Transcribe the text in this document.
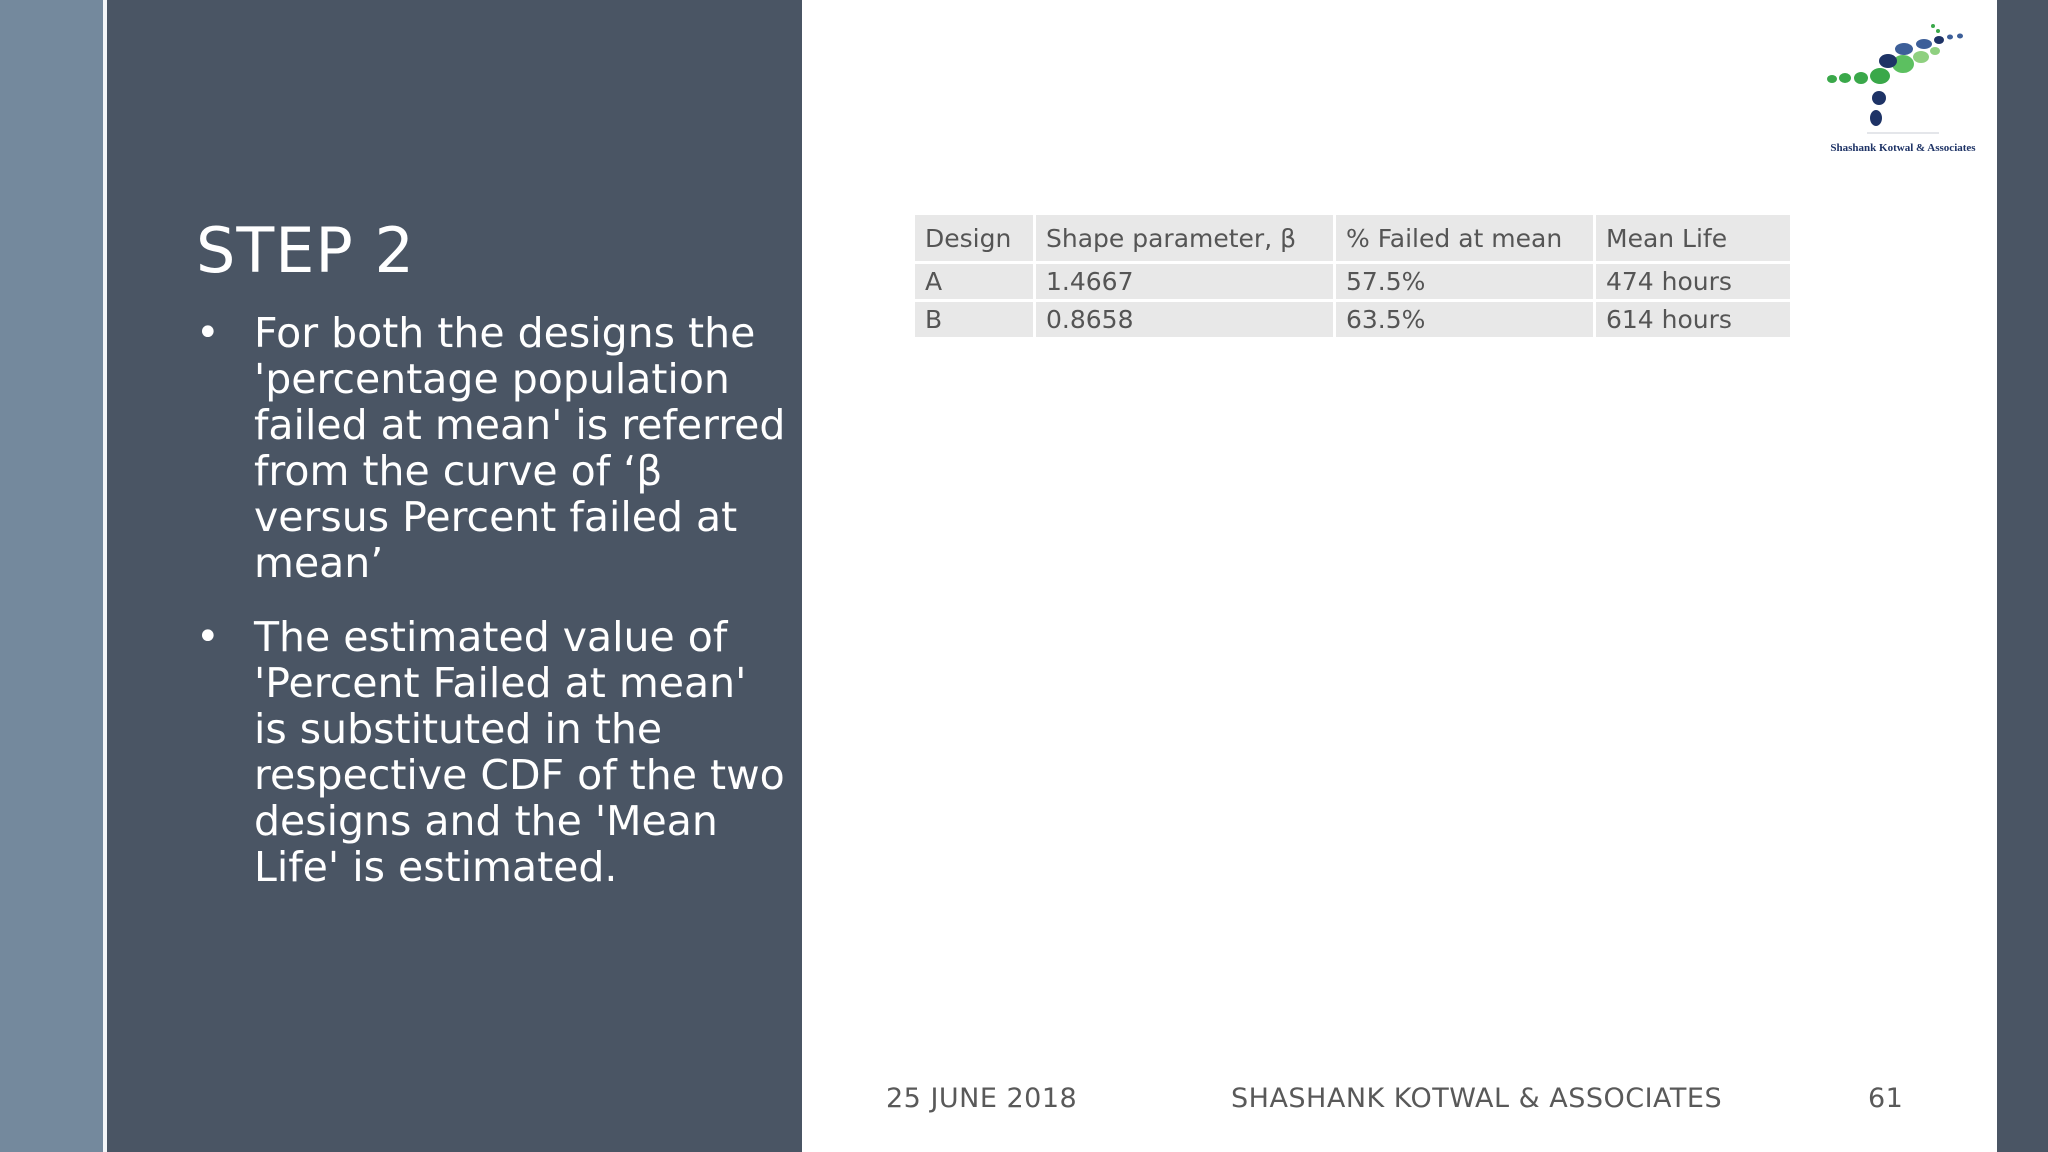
STEP 2
• For both the designs the 'percentage population failed at mean' is referred from the curve of ‘β versus Percent failed at mean’
• The estimated value of 'Percent Failed at mean' is substituted in the respective CDF of the two designs and the 'Mean Life' is estimated.
Design	Shape parameter, β	% Failed at mean	Mean Life
A	1.4667	57.5%	474 hours
B	0.8658	63.5%	614 hours
Shashank Kotwal & Associates
25 JUNE 2018	SHASHANK KOTWAL & ASSOCIATES	61
